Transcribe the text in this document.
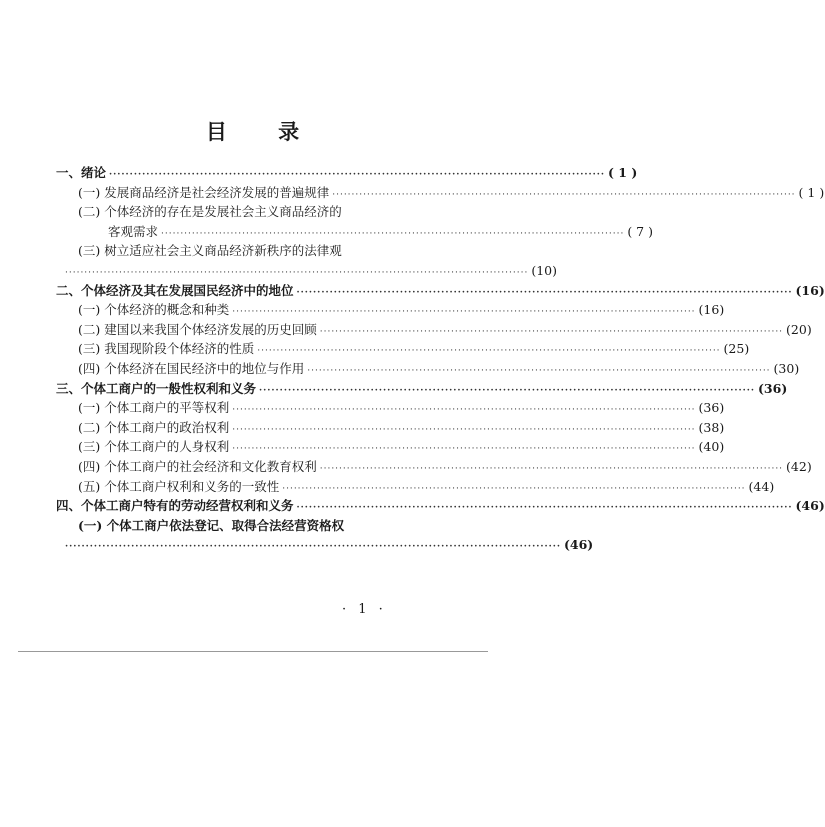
目 录
一、绪论 ························································································································ ( 1 )
(一) 发展商品经济是社会经济发展的普遍规律 ························································································································ ( 1 )
(二) 个体经济的存在是发展社会主义商品经济的
客观需求 ························································································································ ( 7 )
(三) 树立适应社会主义商品经济新秩序的法律观
························································································································ (10)
二、个体经济及其在发展国民经济中的地位 ························································································································ (16)
(一) 个体经济的概念和种类 ························································································································ (16)
(二) 建国以来我国个体经济发展的历史回顾 ························································································································ (20)
(三) 我国现阶段个体经济的性质 ························································································································ (25)
(四) 个体经济在国民经济中的地位与作用 ························································································································ (30)
三、个体工商户的一般性权利和义务 ························································································································ (36)
(一) 个体工商户的平等权利 ························································································································ (36)
(二) 个体工商户的政治权利 ························································································································ (38)
(三) 个体工商户的人身权利 ························································································································ (40)
(四) 个体工商户的社会经济和文化教育权利 ························································································································ (42)
(五) 个体工商户权利和义务的一致性 ························································································································ (44)
四、个体工商户特有的劳动经营权利和义务 ························································································································ (46)
(一) 个体工商户依法登记、取得合法经营资格权
························································································································ (46)
· 1 ·
